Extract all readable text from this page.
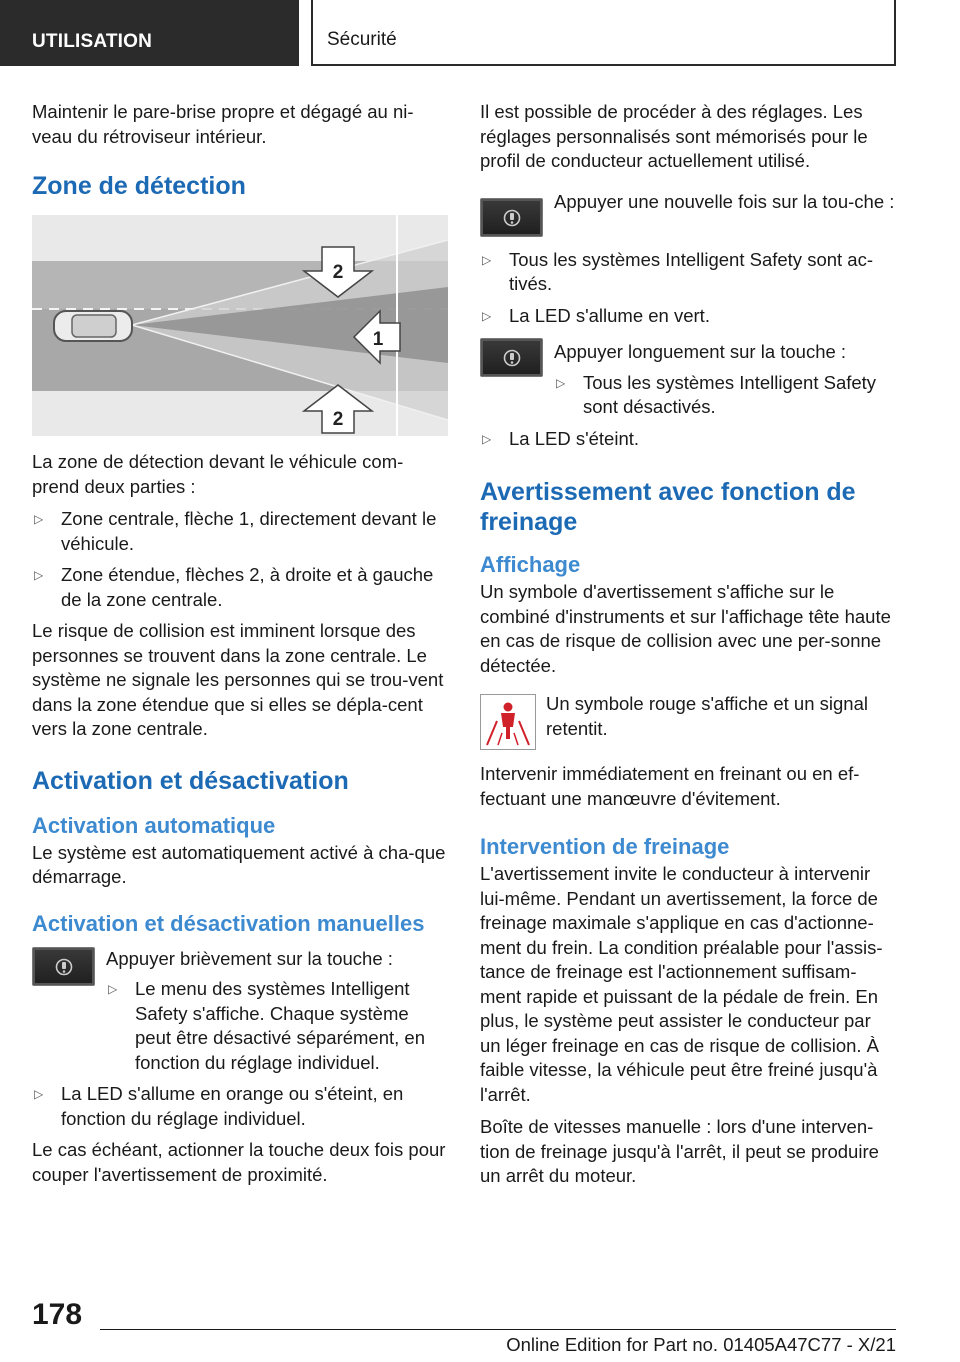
UTILISATION	Sécurité

Maintenir le pare-brise propre et dégagé au ni-veau du rétroviseur intérieur.

Zone de détection
2
1
2

La zone de détection devant le véhicule com-prend deux parties :

▷ Zone centrale, flèche 1, directement devant le véhicule.
▷ Zone étendue, flèches 2, à droite et à gauche de la zone centrale.

Le risque de collision est imminent lorsque des personnes se trouvent dans la zone centrale. Le système ne signale les personnes qui se trou-vent dans la zone étendue que si elles se dépla-cent vers la zone centrale.

Activation et désactivation
Activation automatique

Le système est automatiquement activé à cha-que démarrage.

Activation et désactivation manuelles

Appuyer brièvement sur la touche :

▷ Le menu des systèmes Intelligent Safety s'affiche. Chaque système peut être désactivé séparément, en fonction du réglage individuel.
▷ La LED s'allume en orange ou s'éteint, en fonction du réglage individuel.

Le cas échéant, actionner la touche deux fois pour couper l'avertissement de proximité.

Il est possible de procéder à des réglages. Les réglages personnalisés sont mémorisés pour le profil de conducteur actuellement utilisé.

Appuyer une nouvelle fois sur la tou-che :

▷ Tous les systèmes Intelligent Safety sont ac-tivés.
▷ La LED s'allume en vert.

Appuyer longuement sur la touche :

▷ Tous les systèmes Intelligent Safety sont désactivés.
▷ La LED s'éteint.
Avertissement avec fonction de freinage
Affichage

Un symbole d'avertissement s'affiche sur le combiné d'instruments et sur l'affichage tête haute en cas de risque de collision avec une per-sonne détectée.

Un symbole rouge s'affiche et un signal retentit.

Intervenir immédiatement en freinant ou en ef-fectuant une manœuvre d'évitement.

Intervention de freinage

L'avertissement invite le conducteur à intervenir lui-même. Pendant un avertissement, la force de freinage maximale s'applique en cas d'actionne-ment du frein. La condition préalable pour l'assis-tance de freinage est l'actionnement suffisam-ment rapide et puissant de la pédale de frein. En plus, le système peut assister le conducteur par un léger freinage en cas de risque de collision. À faible vitesse, la véhicule peut être freiné jusqu'à l'arrêt.

Boîte de vitesses manuelle : lors d'une interven-tion de freinage jusqu'à l'arrêt, il peut se produire un arrêt du moteur.

178
Online Edition for Part no. 01405A47C77 - X/21
